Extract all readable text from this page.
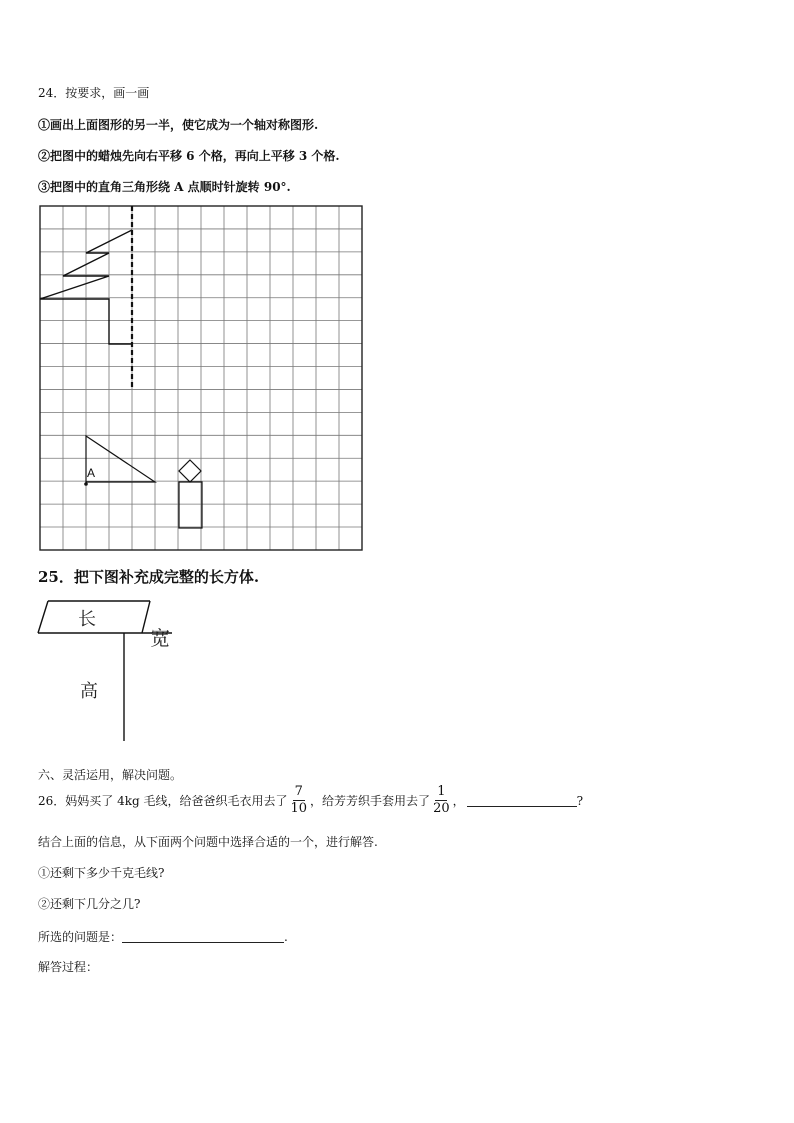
24．按要求，画一画
①画出上面图形的另一半，使它成为一个轴对称图形.
②把图中的蜡烛先向右平移 6 个格，再向上平移 3 个格.
③把图中的直角三角形绕 A 点顺时针旋转 90°.
A
25．把下图补充成完整的长方体.
长
宽
高
六、灵活运用，解决问题。
26．妈妈买了 4kg 毛线，给爸爸织毛衣用去了 $\frac{7}{10}$ ，给芳芳织手套用去了 $\frac{1}{20}$ ，	?
结合上面的信息，从下面两个问题中选择合适的一个，进行解答.
①还剩下多少千克毛线?
②还剩下几分之几?
所选的问题是：	.
解答过程：
